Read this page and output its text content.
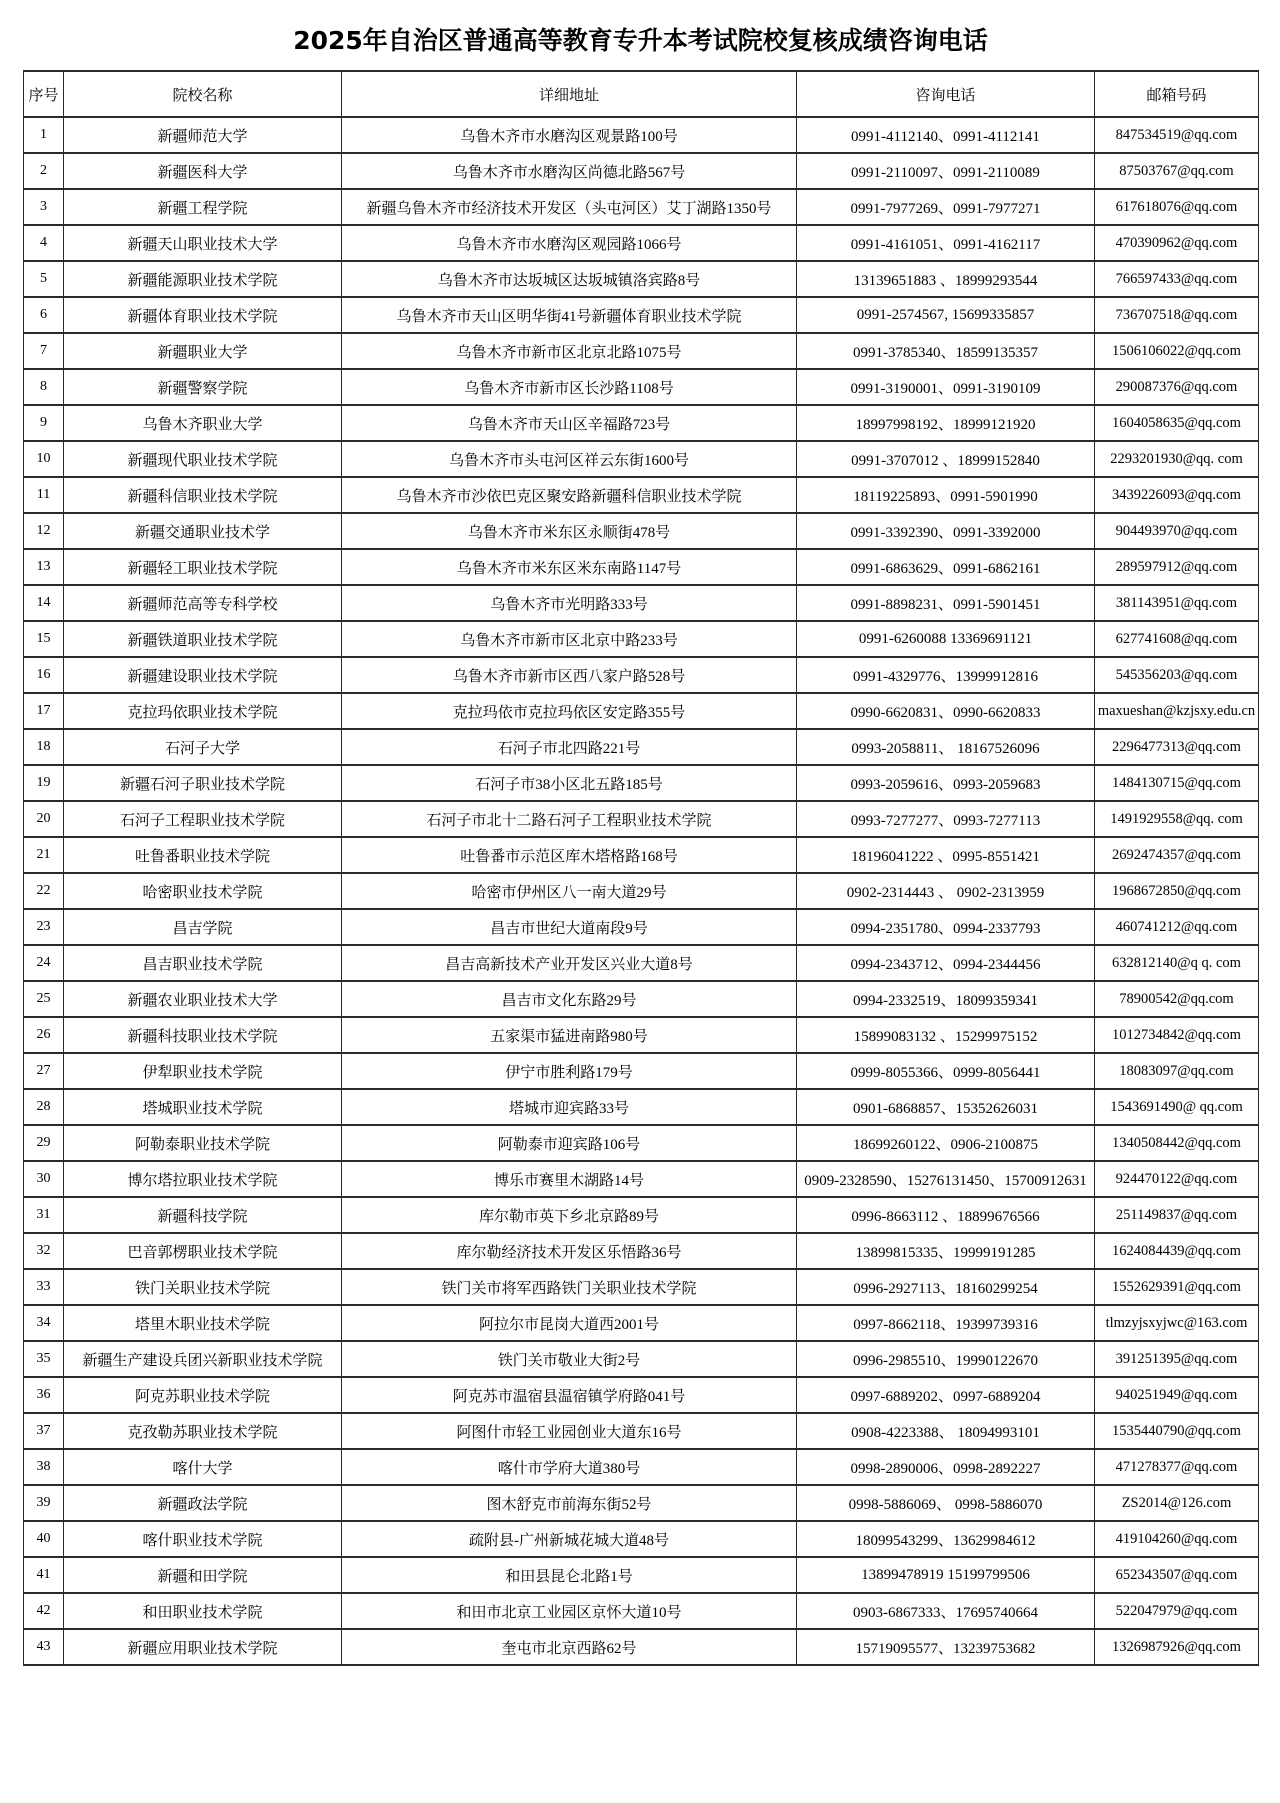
2025年自治区普通高等教育专升本考试院校复核成绩咨询电话
序号	院校名称	详细地址	咨询电话	邮箱号码
1	新疆师范大学	乌鲁木齐市水磨沟区观景路100号	0991-4112140、0991-4112141	847534519@qq.com
2	新疆医科大学	乌鲁木齐市水磨沟区尚德北路567号	0991-2110097、0991-2110089	87503767@qq.com
3	新疆工程学院	新疆乌鲁木齐市经济技术开发区（头屯河区）艾丁湖路1350号	0991-7977269、0991-7977271	617618076@qq.com
4	新疆天山职业技术大学	乌鲁木齐市水磨沟区观园路1066号	0991-4161051、0991-4162117	470390962@qq.com
5	新疆能源职业技术学院	乌鲁木齐市达坂城区达坂城镇洛宾路8号	13139651883 、18999293544	766597433@qq.com
6	新疆体育职业技术学院	乌鲁木齐市天山区明华街41号新疆体育职业技术学院	0991-2574567, 15699335857	736707518@qq.com
7	新疆职业大学	乌鲁木齐市新市区北京北路1075号	0991-3785340、18599135357	1506106022@qq.com
8	新疆警察学院	乌鲁木齐市新市区长沙路1108号	0991-3190001、0991-3190109	290087376@qq.com
9	乌鲁木齐职业大学	乌鲁木齐市天山区辛福路723号	18997998192、18999121920	1604058635@qq.com
10	新疆现代职业技术学院	乌鲁木齐市头屯河区祥云东街1600号	0991-3707012 、18999152840	2293201930@qq. com
11	新疆科信职业技术学院	乌鲁木齐市沙依巴克区聚安路新疆科信职业技术学院	18119225893、0991-5901990	3439226093@qq.com
12	新疆交通职业技术学	乌鲁木齐市米东区永顺街478号	0991-3392390、0991-3392000	904493970@qq.com
13	新疆轻工职业技术学院	乌鲁木齐市米东区米东南路1147号	0991-6863629、0991-6862161	289597912@qq.com
14	新疆师范高等专科学校	乌鲁木齐市光明路333号	0991-8898231、0991-5901451	381143951@qq.com
15	新疆铁道职业技术学院	乌鲁木齐市新市区北京中路233号	0991-6260088 13369691121	627741608@qq.com
16	新疆建设职业技术学院	乌鲁木齐市新市区西八家户路528号	0991-4329776、13999912816	545356203@qq.com
17	克拉玛依职业技术学院	克拉玛依市克拉玛依区安定路355号	0990-6620831、0990-6620833	maxueshan@kzjsxy.edu.cn
18	石河子大学	石河子市北四路221号	0993-2058811、 18167526096	2296477313@qq.com
19	新疆石河子职业技术学院	石河子市38小区北五路185号	0993-2059616、0993-2059683	1484130715@qq.com
20	石河子工程职业技术学院	石河子市北十二路石河子工程职业技术学院	0993-7277277、0993-7277113	1491929558@qq. com
21	吐鲁番职业技术学院	吐鲁番市示范区库木塔格路168号	18196041222 、0995-8551421	2692474357@qq.com
22	哈密职业技术学院	哈密市伊州区八一南大道29号	0902-2314443 、 0902-2313959	1968672850@qq.com
23	昌吉学院	昌吉市世纪大道南段9号	0994-2351780、0994-2337793	460741212@qq.com
24	昌吉职业技术学院	昌吉高新技术产业开发区兴业大道8号	0994-2343712、0994-2344456	632812140@q q. com
25	新疆农业职业技术大学	昌吉市文化东路29号	0994-2332519、18099359341	78900542@qq.com
26	新疆科技职业技术学院	五家渠市猛进南路980号	15899083132 、15299975152	1012734842@qq.com
27	伊犁职业技术学院	伊宁市胜利路179号	0999-8055366、0999-8056441	18083097@qq.com
28	塔城职业技术学院	塔城市迎宾路33号	0901-6868857、15352626031	1543691490@ qq.com
29	阿勒泰职业技术学院	阿勒泰市迎宾路106号	18699260122、0906-2100875	1340508442@qq.com
30	博尔塔拉职业技术学院	博乐市赛里木湖路14号	0909-2328590、15276131450、15700912631	924470122@qq.com
31	新疆科技学院	库尔勒市英下乡北京路89号	0996-8663112 、18899676566	251149837@qq.com
32	巴音郭楞职业技术学院	库尔勒经济技术开发区乐悟路36号	13899815335、19999191285	1624084439@qq.com
33	铁门关职业技术学院	铁门关市将军西路铁门关职业技术学院	0996-2927113、18160299254	1552629391@qq.com
34	塔里木职业技术学院	阿拉尔市昆岗大道西2001号	0997-8662118、19399739316	tlmzyjsxyjwc@163.com
35	新疆生产建设兵团兴新职业技术学院	铁门关市敬业大街2号	0996-2985510、19990122670	391251395@qq.com
36	阿克苏职业技术学院	阿克苏市温宿县温宿镇学府路041号	0997-6889202、0997-6889204	940251949@qq.com
37	克孜勒苏职业技术学院	阿图什市轻工业园创业大道东16号	0908-4223388、 18094993101	1535440790@qq.com
38	喀什大学	喀什市学府大道380号	0998-2890006、0998-2892227	471278377@qq.com
39	新疆政法学院	图木舒克市前海东街52号	0998-5886069、 0998-5886070	ZS2014@126.com
40	喀什职业技术学院	疏附县-广州新城花城大道48号	18099543299、13629984612	419104260@qq.com
41	新疆和田学院	和田县昆仑北路1号	13899478919 15199799506	652343507@qq.com
42	和田职业技术学院	和田市北京工业园区京怀大道10号	0903-6867333、17695740664	522047979@qq.com
43	新疆应用职业技术学院	奎屯市北京西路62号	15719095577、13239753682	1326987926@qq.com
